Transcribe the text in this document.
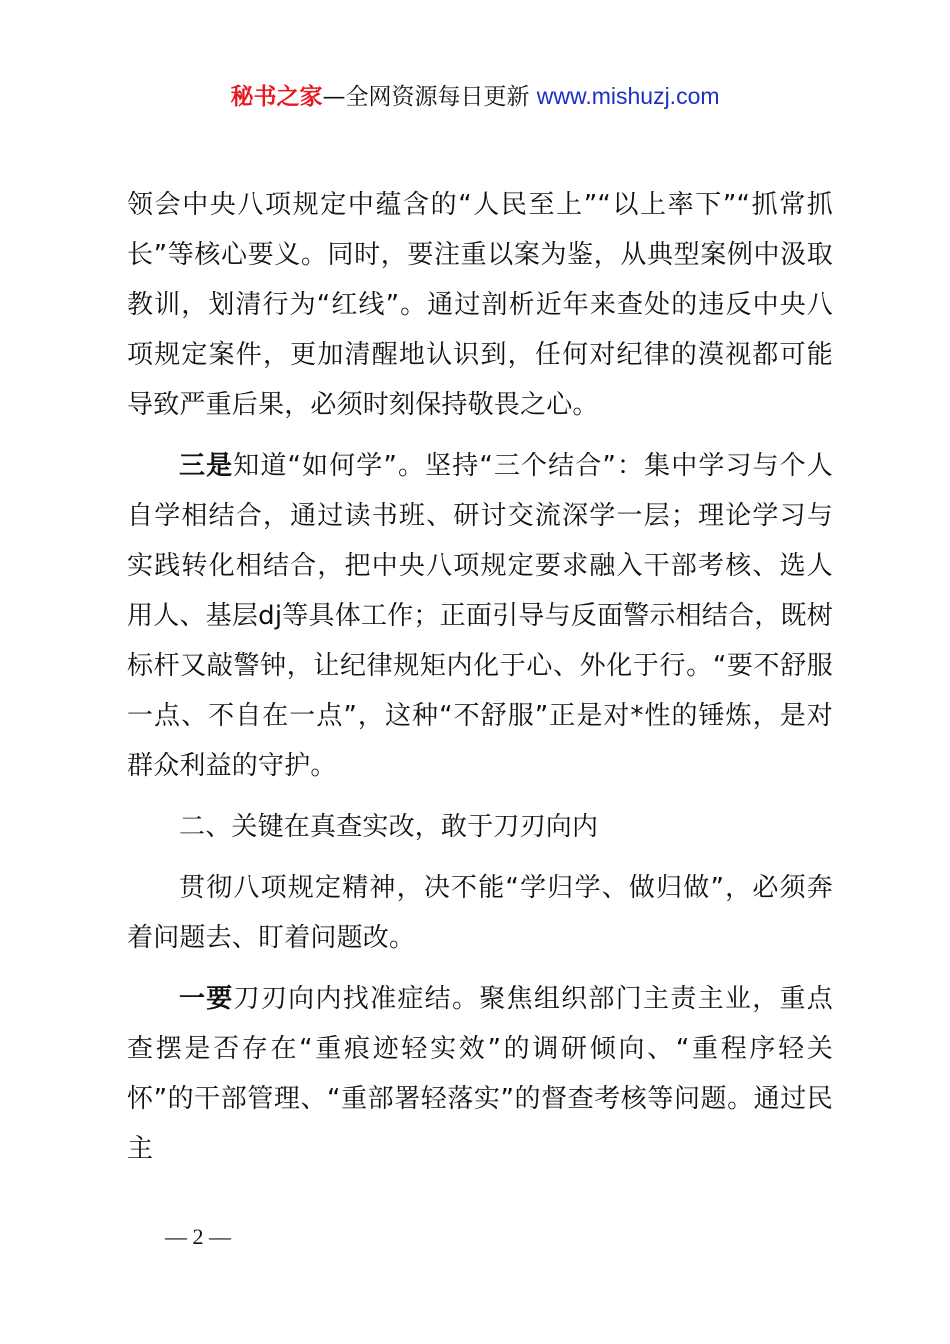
秘书之家—全网资源每日更新 www.mishuzj.com

领会中央八项规定中蕴含的“人民至上”“以上率下”“抓常抓长”等核心要义。同时，要注重以案为鉴，从典型案例中汲取教训，划清行为“红线”。通过剖析近年来查处的违反中央八项规定案件，更加清醒地认识到，任何对纪律的漠视都可能导致严重后果，必须时刻保持敬畏之心。

三是知道“如何学”。坚持“三个结合”：集中学习与个人自学相结合，通过读书班、研讨交流深学一层；理论学习与实践转化相结合，把中央八项规定要求融入干部考核、选人用人、基层dj等具体工作；正面引导与反面警示相结合，既树标杆又敲警钟，让纪律规矩内化于心、外化于行。“要不舒服一点、不自在一点”，这种“不舒服”正是对*性的锤炼，是对群众利益的守护。

二、关键在真查实改，敢于刀刃向内

贯彻八项规定精神，决不能“学归学、做归做”，必须奔着问题去、盯着问题改。

一要刀刃向内找准症结。聚焦组织部门主责主业，重点查摆是否存在“重痕迹轻实效”的调研倾向、“重程序轻关怀”的干部管理、“重部署轻落实”的督查考核等问题。通过民主

— 2 —
